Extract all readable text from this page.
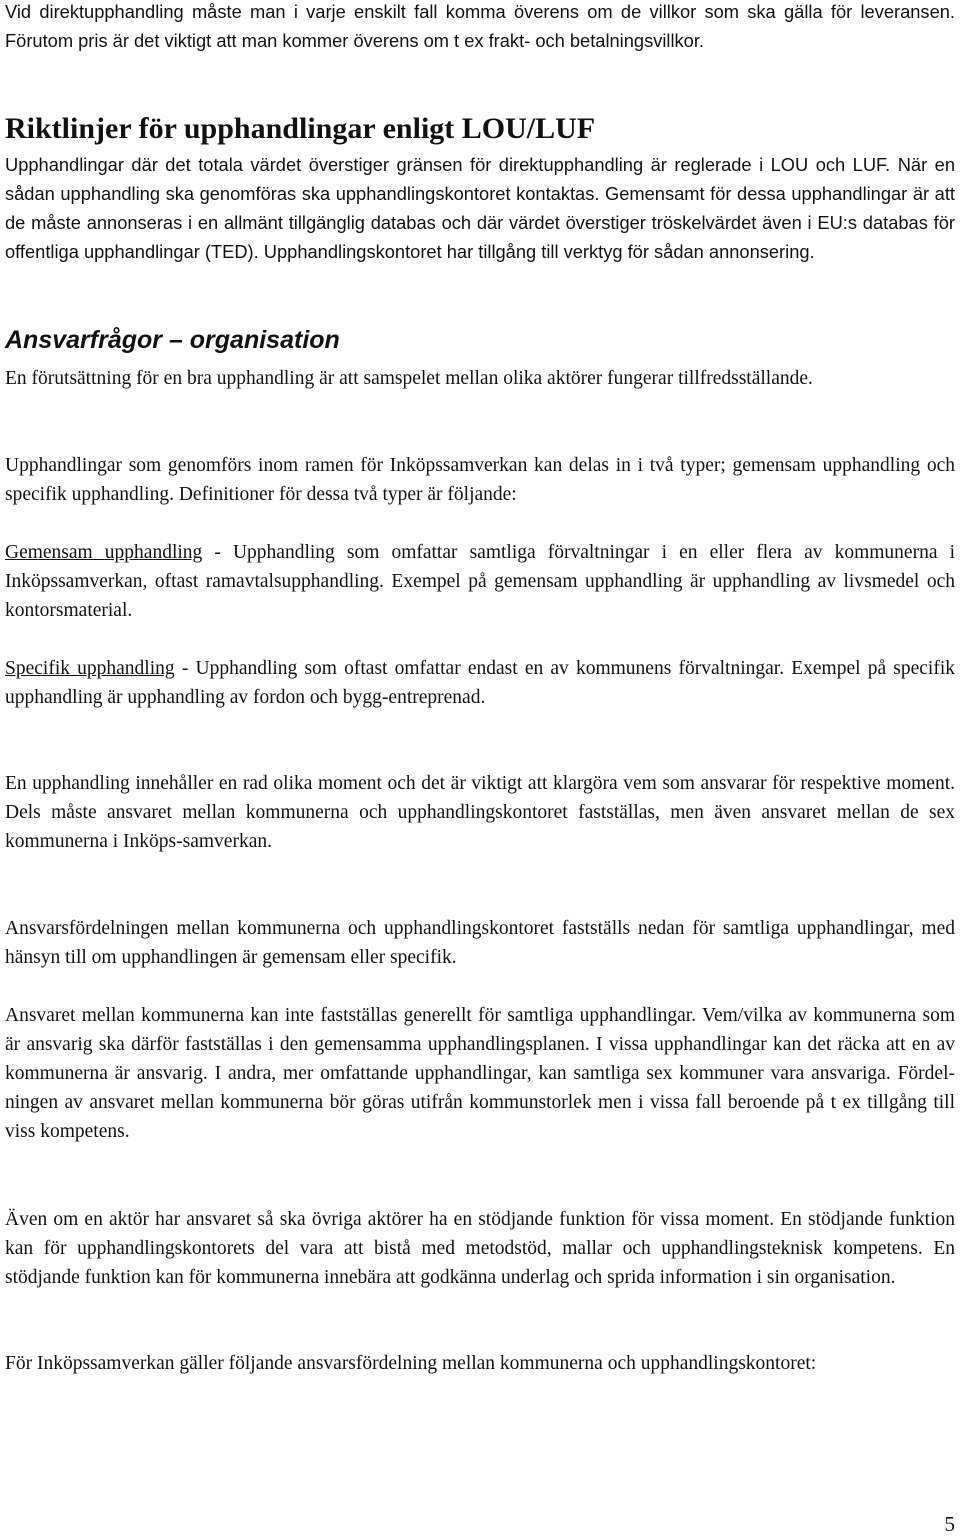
Vid direktupphandling måste man i varje enskilt fall komma överens om de villkor som ska gälla för leveransen. Förutom pris är det viktigt att man kommer överens om t ex frakt- och betalningsvillkor.

Riktlinjer för upphandlingar enligt LOU/LUF

Upphandlingar där det totala värdet överstiger gränsen för direktupphandling är reglerade i LOU och LUF. När en sådan upphandling ska genomföras ska upphandlingskontoret kontaktas. Gemensamt för dessa upphandlingar är att de måste annonseras i en allmänt tillgänglig databas och där värdet överstiger tröskelvärdet även i EU:s databas för offentliga upphandlingar (TED). Upphandlingskontoret har tillgång till verktyg för sådan annonsering.

Ansvarfrågor – organisation

En förutsättning för en bra upphandling är att samspelet mellan olika aktörer fungerar tillfredsställande.

Upphandlingar som genomförs inom ramen för Inköpssamverkan kan delas in i två typer; gemensam upphandling och specifik upphandling. Definitioner för dessa två typer är följande:

Gemensam upphandling - Upphandling som omfattar samtliga förvaltningar i en eller flera av kommunerna i Inköpssamverkan, oftast ramavtalsupphandling. Exempel på gemensam upphandling är upphandling av livsmedel och kontorsmaterial.

Specifik upphandling - Upphandling som oftast omfattar endast en av kommunens förvaltningar. Exempel på specifik upphandling är upphandling av fordon och bygg-entreprenad.

En upphandling innehåller en rad olika moment och det är viktigt att klargöra vem som ansvarar för respektive moment. Dels måste ansvaret mellan kommunerna och upphandlingskontoret fastställas, men även ansvaret mellan de sex kommunerna i Inköps-samverkan.

Ansvarsfördelningen mellan kommunerna och upphandlingskontoret fastställs nedan för samtliga upphandlingar, med hänsyn till om upphandlingen är gemensam eller specifik.

Ansvaret mellan kommunerna kan inte fastställas generellt för samtliga upphandlingar. Vem/vilka av kommunerna som är ansvarig ska därför fastställas i den gemensamma upphandlingsplanen. I vissa upphandlingar kan det räcka att en av kommunerna är ansvarig. I andra, mer omfattande upphandlingar, kan samtliga sex kommuner vara ansvariga. Fördel-ningen av ansvaret mellan kommunerna bör göras utifrån kommunstorlek men i vissa fall beroende på t ex tillgång till viss kompetens.

Även om en aktör har ansvaret så ska övriga aktörer ha en stödjande funktion för vissa moment. En stödjande funktion kan för upphandlingskontorets del vara att bistå med metodstöd, mallar och upphandlingsteknisk kompetens. En stödjande funktion kan för kommunerna innebära att godkänna underlag och sprida information i sin organisation.

För Inköpssamverkan gäller följande ansvarsfördelning mellan kommunerna och upphandlingskontoret:

5
